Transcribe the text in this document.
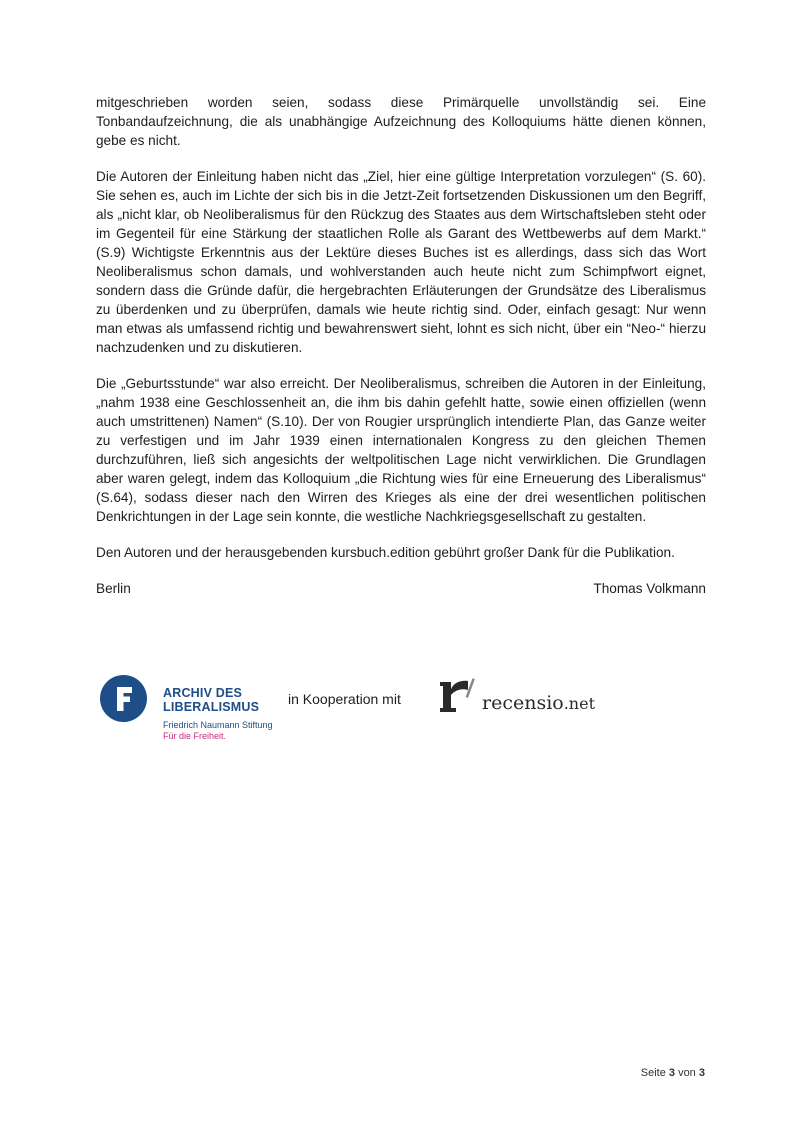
mitgeschrieben worden seien, sodass diese Primärquelle unvollständig sei. Eine Tonbandaufzeichnung, die als unabhängige Aufzeichnung des Kolloquiums hätte dienen können, gebe es nicht.

Die Autoren der Einleitung haben nicht das „Ziel, hier eine gültige Interpretation vorzulegen“ (S. 60). Sie sehen es, auch im Lichte der sich bis in die Jetzt-Zeit fortsetzenden Diskussionen um den Begriff, als „nicht klar, ob Neoliberalismus für den Rückzug des Staates aus dem Wirtschaftsleben steht oder im Gegenteil für eine Stärkung der staatlichen Rolle als Garant des Wettbewerbs auf dem Markt.“ (S.9) Wichtigste Erkenntnis aus der Lektüre dieses Buches ist es allerdings, dass sich das Wort Neoliberalismus schon damals, und wohlverstanden auch heute nicht zum Schimpfwort eignet, sondern dass die Gründe dafür, die hergebrachten Erläuterungen der Grundsätze des Liberalismus zu überdenken und zu überprüfen, damals wie heute richtig sind. Oder, einfach gesagt: Nur wenn man etwas als umfassend richtig und bewahrenswert sieht, lohnt es sich nicht, über ein “Neo-“ hierzu nachzudenken und zu diskutieren.

Die „Geburtsstunde“ war also erreicht. Der Neoliberalismus, schreiben die Autoren in der Einleitung, „nahm 1938 eine Geschlossenheit an, die ihm bis dahin gefehlt hatte, sowie einen offiziellen (wenn auch umstrittenen) Namen“ (S.10). Der von Rougier ursprünglich intendierte Plan, das Ganze weiter zu verfestigen und im Jahr 1939 einen internationalen Kongress zu den gleichen Themen durchzuführen, ließ sich angesichts der weltpolitischen Lage nicht verwirklichen. Die Grundlagen aber waren gelegt, indem das Kolloquium „die Richtung wies für eine Erneuerung des Liberalismus“ (S.64), sodass dieser nach den Wirren des Krieges als eine der drei wesentlichen politischen Denkrichtungen in der Lage sein konnte, die westliche Nachkriegsgesellschaft zu gestalten.

Den Autoren und der herausgebenden kursbuch.edition gebührt großer Dank für die Publikation.

Berlin	Thomas Volkmann
ARCHIV DES
LIBERALISMUS
Friedrich Naumann Stiftung
Für die Freiheit.
in Kooperation mit	recensio.net
Seite 3 von 3
